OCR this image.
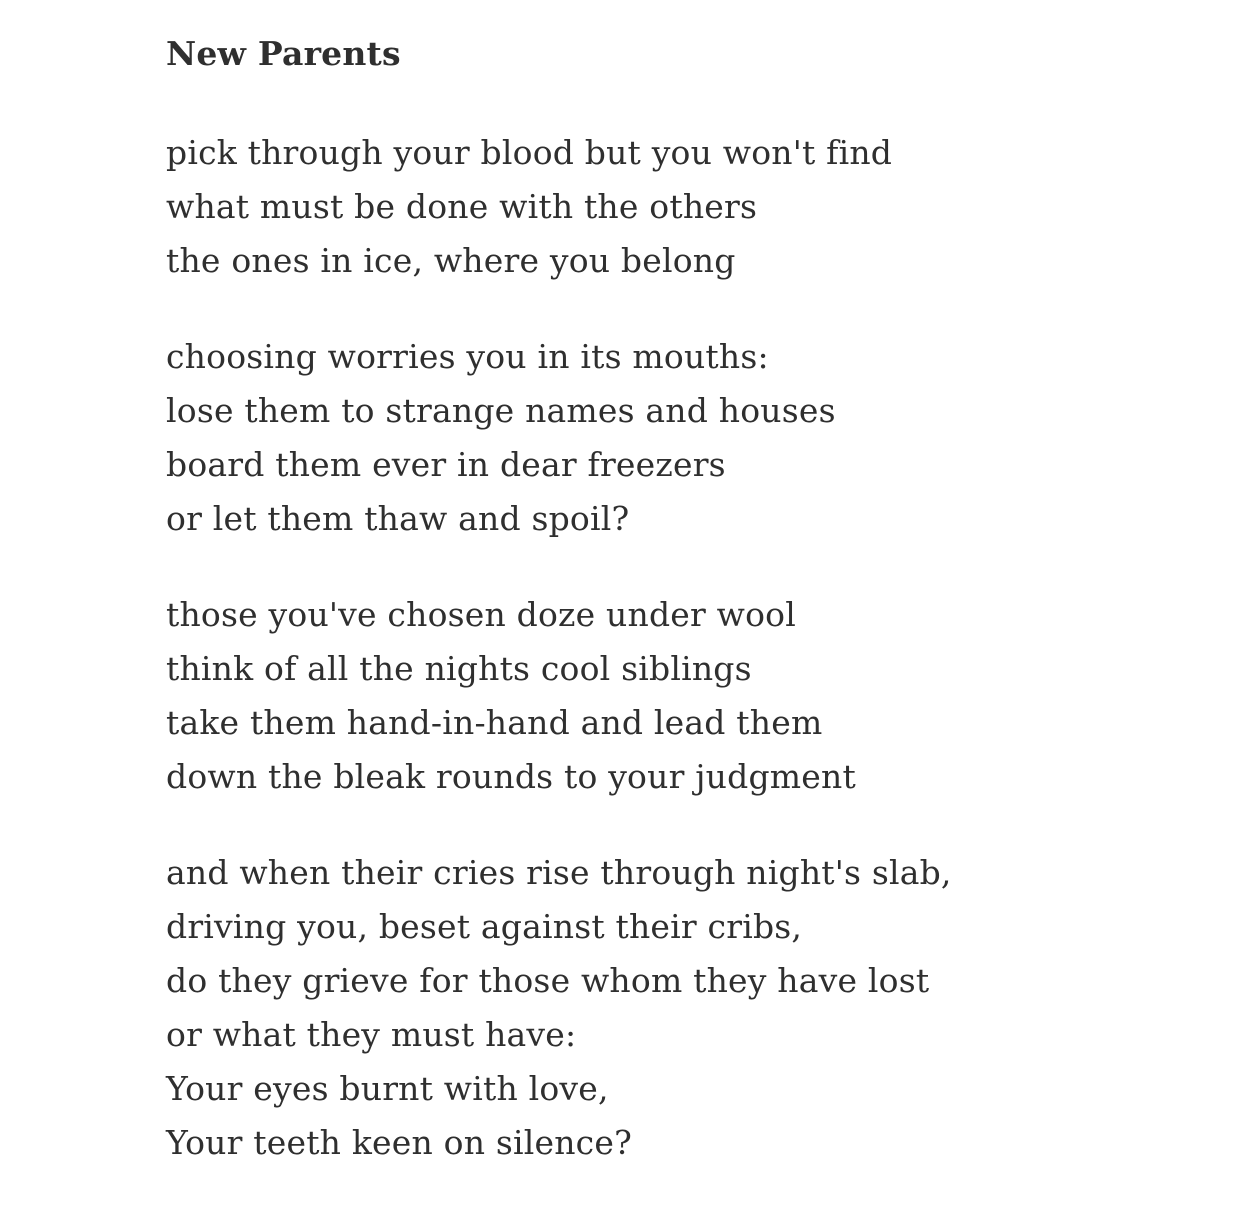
New Parents
pick through your blood but you won't find
what must be done with the others
the ones in ice, where you belong
choosing worries you in its mouths:
lose them to strange names and houses
board them ever in dear freezers
or let them thaw and spoil?
those you've chosen doze under wool
think of all the nights cool siblings
take them hand-in-hand and lead them
down the bleak rounds to your judgment
and when their cries rise through night's slab,
driving you, beset against their cribs,
do they grieve for those whom they have lost
or what they must have:
Your eyes burnt with love,
Your teeth keen on silence?
